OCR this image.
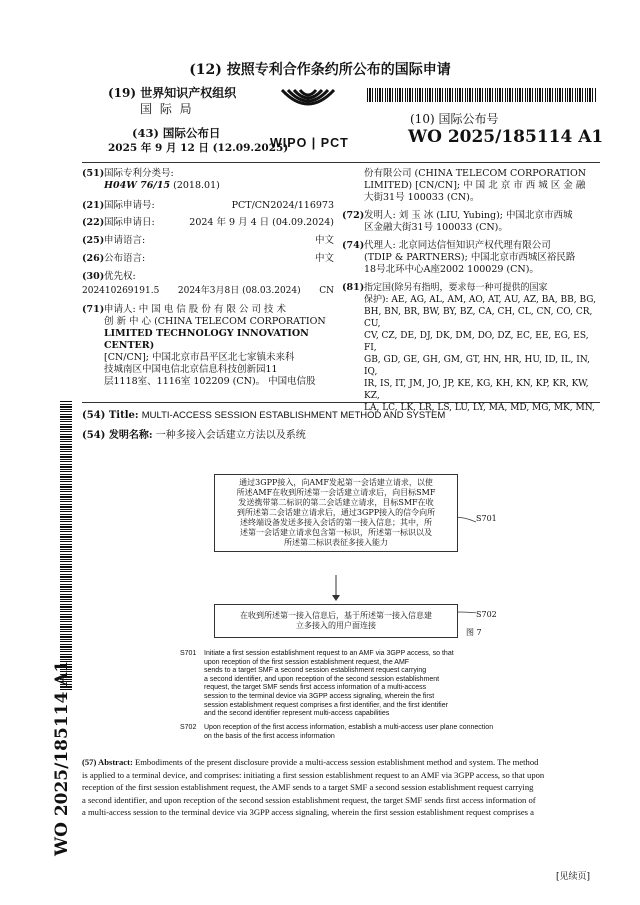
(12) 按照专利合作条约所公布的国际申请
(19) 世界知识产权组织
国 际 局
(43) 国际公布日
2025 年 9 月 12 日 (12.09.2025)
WIPO | PCT
(10) 国际公布号
WO 2025/185114 A1
(51)国际专利分类号:
H04W 76/15 (2018.01)
(21)国际申请号:	PCT/CN2024/116973
(22)国际申请日:	2024 年 9 月 4 日 (04.09.2024)
(25)申请语言:	中文
(26)公布语言:	中文
(30)优先权:
202410269191.5 2024年3月8日 (08.03.2024) CN
(71) 申请人: 中 国 电 信 股 份 有 限 公 司 技 术
创 新 中 心 (CHINA TELECOM CORPORATION
LIMITED TECHNOLOGY INNOVATION CENTER)
[CN/CN]; 中国北京市昌平区北七家镇未来科
技城南区中国电信北京信息科技创新园11
层1118室、1116室 102209 (CN)。 中国电信股
份有限公司 (CHINA TELECOM CORPORATION
LIMITED) [CN/CN]; 中 国 北 京 市 西 城 区 金 融
大街31号 100033 (CN)。
(72) 发明人: 刘 玉 冰 (LIU, Yubing); 中国北京市西城
区金融大街31号 100033 (CN)。
(74) 代理人: 北京同达信恒知识产权代理有限公司
(TDIP & PARTNERS); 中国北京市西城区裕民路
18号北环中心A座2002 100029 (CN)。
(81) 指定国(除另有指明，要求每一种可提供的国家
保护): AE, AG, AL, AM, AO, AT, AU, AZ, BA, BB, BG,
BH, BN, BR, BW, BY, BZ, CA, CH, CL, CN, CO, CR, CU,
CV, CZ, DE, DJ, DK, DM, DO, DZ, EC, EE, EG, ES, FI,
GB, GD, GE, GH, GM, GT, HN, HR, HU, ID, IL, IN, IQ,
IR, IS, IT, JM, JO, JP, KE, KG, KH, KN, KP, KR, KW, KZ,
LA, LC, LK, LR, LS, LU, LY, MA, MD, MG, MK, MN,
(54) Title: MULTI-ACCESS SESSION ESTABLISHMENT METHOD AND SYSTEM
(54) 发明名称: 一种多接入会话建立方法以及系统
通过3GPP接入，向AMF发起第一会话建立请求，以使
所述AMF在收到所述第一会话建立请求后，向目标SMF
发送携带第二标识的第二会话建立请求，目标SMF在收
到所述第二会话建立请求后，通过3GPP接入的信令向所
述终端设备发送多接入会话的第一接入信息；其中，所
述第一会话建立请求包含第一标识，所述第一标识以及
所述第二标识表征多接入能力
S701
在收到所述第一接入信息后，基于所述第一接入信息建
立多接入的用户面连接
S702
图 7
S701 Initiate a first session establishment request to an AMF via 3GPP access, so that
upon reception of the first session establishment request, the AMF
sends to a target SMF a second session establishment request carrying
a second identifier, and upon reception of the second session establishment
request, the target SMF sends first access information of a multi-access
session to the terminal device via 3GPP access signaling, wherein the first
session establishment request comprises a first identifier, and the first identifier
and the second identifier represent multi-access capabilities
S702 Upon reception of the first access information, establish a multi-access user plane connection
on the basis of the first access information
(57) Abstract: Embodiments of the present disclosure provide a multi-access session establishment method and system. The method
is applied to a terminal device, and comprises: initiating a first session establishment request to an AMF via 3GPP access, so that upon
reception of the first session establishment request, the AMF sends to a target SMF a second session establishment request carrying
a second identifier, and upon reception of the second session establishment request, the target SMF sends first access information of
a multi-access session to the terminal device via 3GPP access signaling, wherein the first session establishment request comprises a
WO 2025/185114 A1
[见续页]
